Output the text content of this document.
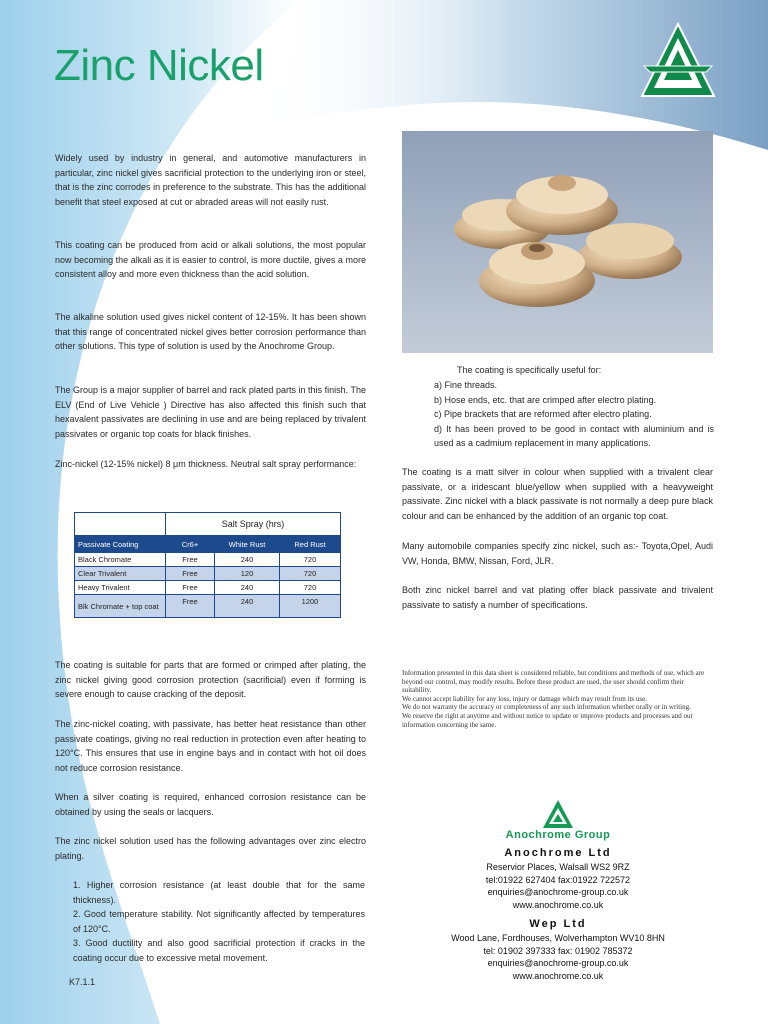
Zinc Nickel

Widely used by industry in general, and automotive manufacturers in particular, zinc nickel gives sacrificial protection to the underlying iron or steel, that is the zinc corrodes in preference to the substrate. This has the additional benefit that steel exposed at cut or abraded areas will not easily rust.

This coating can be produced from acid or alkali solutions, the most popular now becoming the alkali as it is easier to control, is more ductile, gives a more consistent alloy and more even thickness than the acid solution.

The alkaline solution used gives nickel content of 12-15%. It has been shown that this range of concentrated nickel gives better corrosion performance than other solutions. This type of solution is used by the Anochrome Group.

The Group is a major supplier of barrel and rack plated parts in this finish. The ELV (End of Live Vehicle ) Directive has also affected this finish such that hexavalent passivates are declining in use and are being replaced by trivalent passivates or organic top coats for black finishes.

Zinc-nickel (12-15% nickel) 8 μm thickness. Neutral salt spray performance:

	Salt Spray (hrs)		
Passivate Coating	Cr6+	White Rust	Red Rust
Black Chromate	Free	240	720
Clear Trivalent	Free	120	720
Heavy Trivalent	Free	240	720
Blk Chromate + top coat	Free	240	1200

The coating is suitable for parts that are formed or crimped after plating, the zinc nickel giving good corrosion protection (sacrificial) even if forming is severe enough to cause cracking of the deposit.

The zinc-nickel coating, with passivate, has better heat resistance than other passivate coatings, giving no real reduction in protection even after heating to 120°C. This ensures that use in engine bays and in contact with hot oil does not reduce corrosion resistance.

When a silver coating is required, enhanced corrosion resistance can be obtained by using the seals or lacquers.

The zinc nickel solution used has the following advantages over zinc electro plating.

1. Higher corrosion resistance (at least double that for the same thickness).
2. Good temperature stability. Not significantly affected by temperatures of 120°C.
3. Good ductility and also good sacrificial protection if cracks in the coating occur due to excessive metal movement.
K7.1.1
The coating is specifically useful for:
a) Fine threads.
b) Hose ends, etc. that are crimped after electro plating.
c) Pipe brackets that are reformed after electro plating.
d) It has been proved to be good in contact with aluminium and is used as a cadmium replacement in many applications.

The coating is a matt silver in colour when supplied with a trivalent clear passivate, or a iridescant blue/yellow when supplied with a heavyweight passivate. Zinc nickel with a black passivate is not normally a deep pure black colour and can be enhanced by the addition of an organic top coat.

Many automobile companies specify zinc nickel, such as:- Toyota,Opel, Audi VW, Honda, BMW, Nissan, Ford, JLR.

Both zinc nickel barrel and vat plating offer black passivate and trivalent passivate to satisfy a number of specifications.

Information presented in this data sheet is considered reliable, but conditions and methods of use, which are beyond our control, may modify results. Before these product are used, the user should confirm their suitability.

We cannot accept liability for any loss, injury or damage which may result from its use.

We do not warranty the accuracy or completeness of any such information whether orally or in writing.

We reserve the right at anytime and without notice to update or improve products and processes and our information concerning the same.

Anochrome Group
Anochrome Ltd
Reservior Places, Walsall WS2 9RZ
tel:01922 627404 fax:01922 722572
enquiries@anochrome-group.co.uk
www.anochrome.co.uk
Wep Ltd
Wood Lane, Fordhouses, Wolverhampton WV10 8HN
tel: 01902 397333 fax: 01902 785372
enquiries@anochrome-group.co.uk
www.anochrome.co.uk
